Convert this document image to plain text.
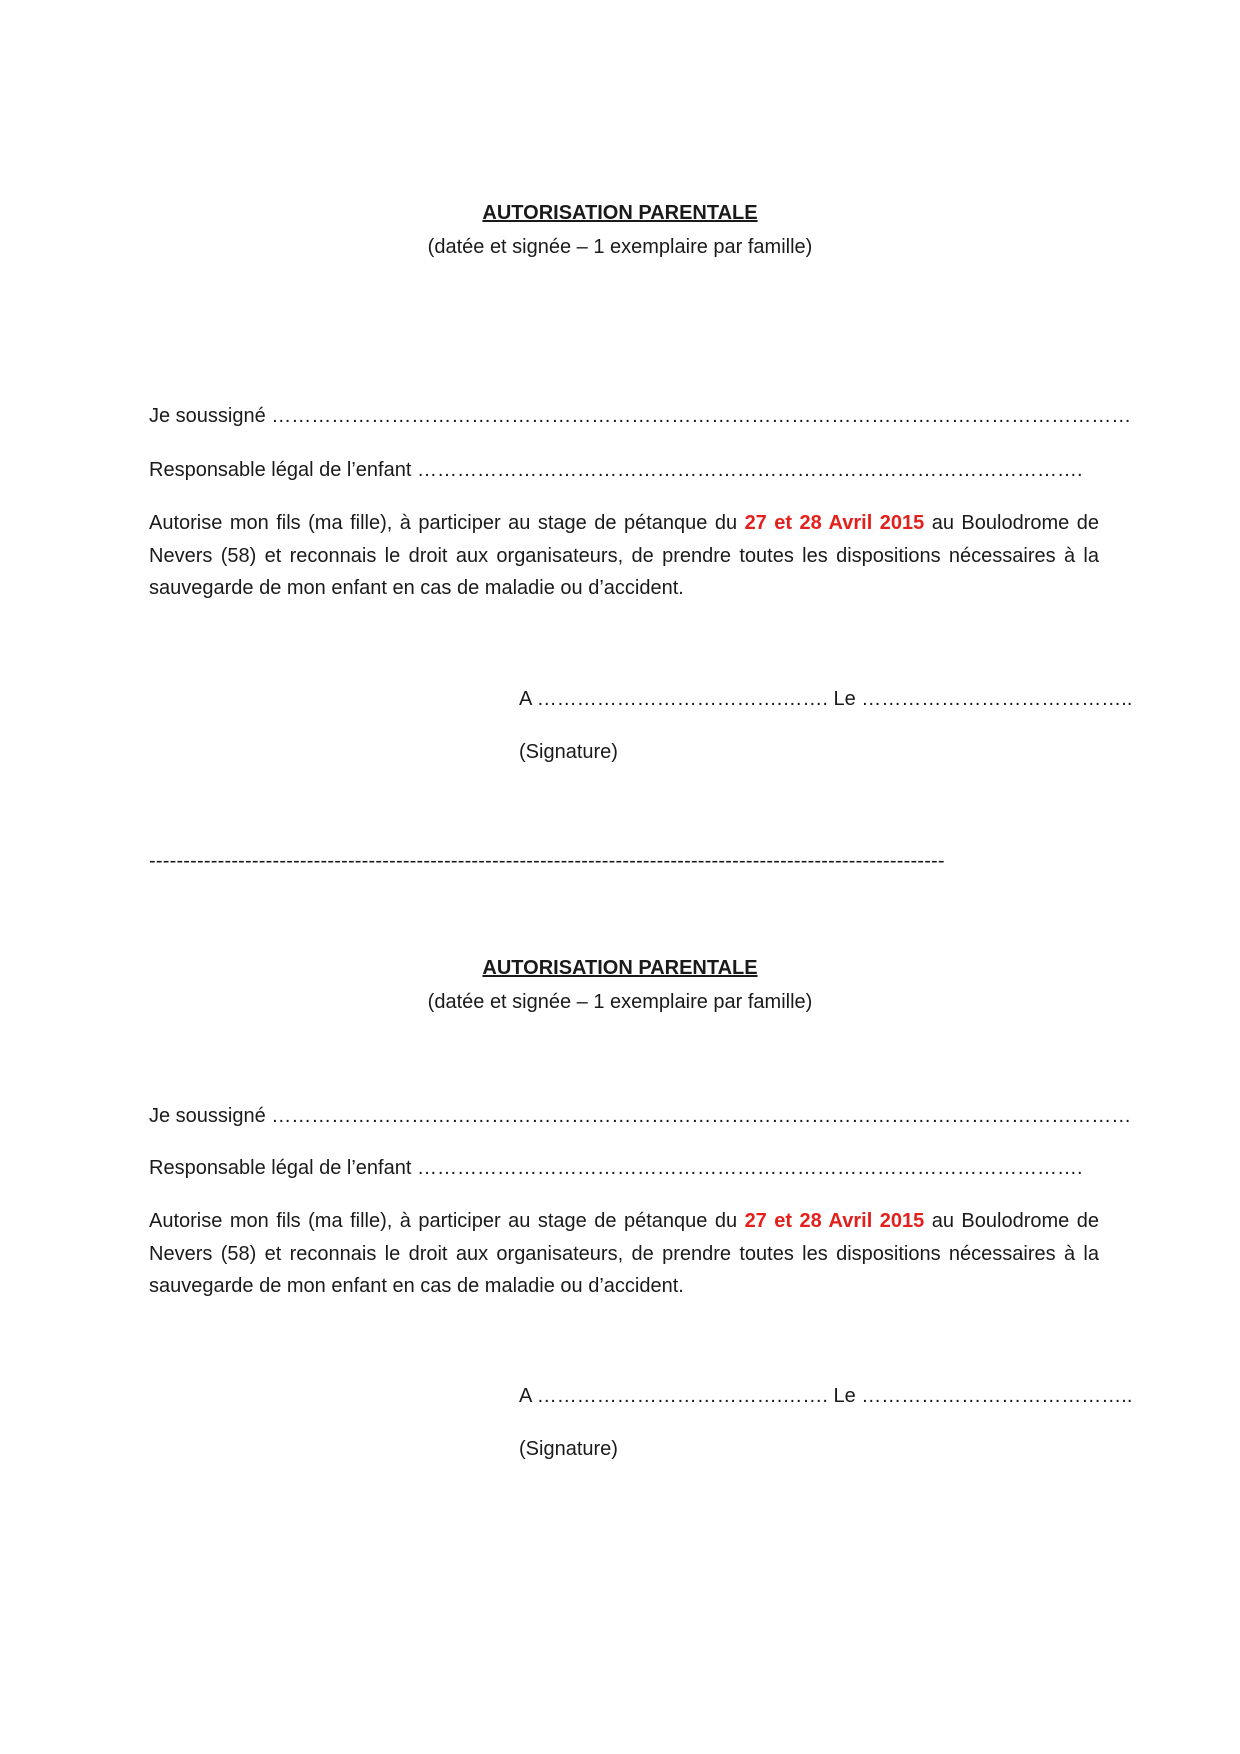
AUTORISATION PARENTALE

(datée et signée – 1 exemplaire par famille)

Je soussigné …………………………………………………………………………………………………………………

Responsable légal de l’enfant ……………………………………………………………………………………….

Autorise mon fils (ma fille), à participer au stage de pétanque du 27 et 28 Avril 2015 au Boulodrome de Nevers (58) et reconnais le droit aux organisateurs, de prendre toutes les dispositions nécessaires à la sauvegarde de mon enfant en cas de maladie ou d’accident.

A ……………………………….……. Le …………………………………..

(Signature)

--------------------------------------------------------------------------------------------------------------------

AUTORISATION PARENTALE

(datée et signée – 1 exemplaire par famille)

Je soussigné …………………………………………………………………………………………………………………

Responsable légal de l’enfant ……………………………………………………………………………………….

Autorise mon fils (ma fille), à participer au stage de pétanque du 27 et 28 Avril 2015 au Boulodrome de Nevers (58) et reconnais le droit aux organisateurs, de prendre toutes les dispositions nécessaires à la sauvegarde de mon enfant en cas de maladie ou d’accident.

A ……………………………….……. Le …………………………………..

(Signature)
